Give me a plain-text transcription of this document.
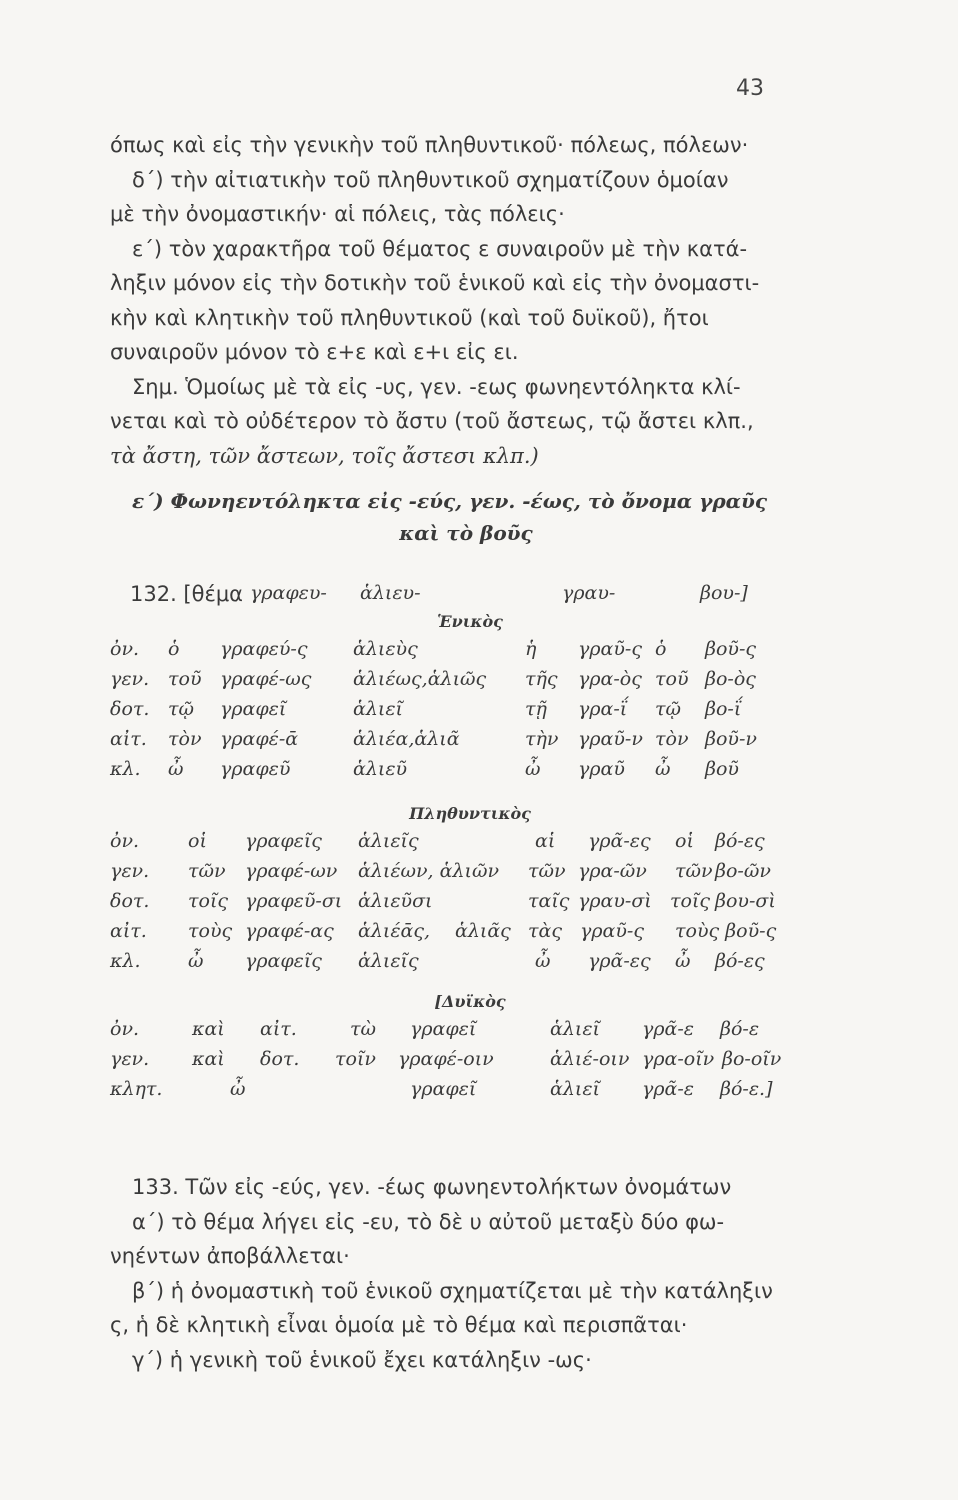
43
όπως καὶ εἰς τὴν γενικὴν τοῦ πληθυντικοῦ· πόλεως, πόλεων·
δ΄) τὴν αἰτιατικὴν τοῦ πληθυντικοῦ σχηματίζουν ὁμοίαν
μὲ τὴν ὀνομαστικήν· αἱ πόλεις, τὰς πόλεις·
ε΄) τὸν χαρακτῆρα τοῦ θέματος ε συναιροῦν μὲ τὴν κατά-
ληξιν μόνον εἰς τὴν δοτικὴν τοῦ ἑνικοῦ καὶ εἰς τὴν ὀνομαστι-
κὴν καὶ κλητικὴν τοῦ πληθυντικοῦ (καὶ τοῦ δυϊκοῦ), ἤτοι
συναιροῦν μόνον τὸ ε+ε καὶ ε+ι εἰς ει.
Σημ. Ὁμοίως μὲ τὰ εἰς -υς, γεν. -εως φωνηεντόληκτα κλί-
νεται καὶ τὸ οὐδέτερον τὸ ἄστυ (τοῦ ἄστεως, τῷ ἄστει κλπ.,
τὰ ἄστη, τῶν ἄστεων, τοῖς ἄστεσι κλπ.)
ε΄) Φωνηεντόληκτα εἰς -εύς, γεν. -έως, τὸ ὄνομα γραῦς
καὶ τὸ βοῦς
132. [θέμα γραφευ- ἁλιευ-	γραυ-	βου-]
Ἑνικὸς
ὀν. ὁ γραφεύ-ς ἁλιεὺς	ἡ γραῦ-ς ὁ βοῦ-ς
γεν. τοῦ γραφέ-ως ἁλιέως,ἁλιῶς τῆς γρα-ὸς τοῦ βο-ὸς
δοτ. τῷ γραφεῖ	ἁλιεῖ	τῇ γρα-ΐ τῷ βο-ΐ
αἰτ. τὸν γραφέ-ᾱ	ἁλιέα,ἁλιᾶ	τὴν γραῦ-ν τὸν βοῦ-ν
κλ. ὦ γραφεῦ	ἁλιεῦ	ὦ γραῦ ὦ βοῦ
Πληθυντικὸς
ὀν.	οἱ γραφεῖς ἁλιεῖς	αἱ γρᾶ-ες οἱ βό-ες
γεν. τῶν γραφέ-ων ἁλιέων, ἁλιῶν τῶν γρα-ῶν τῶν βο-ῶν
δοτ. τοῖς γραφεῦ-σι ἁλιεῦσι	ταῖς γραυ-σὶ τοῖς βου-σὶ
αἰτ. τοὺς γραφέ-ας ἁλιέᾱς, ἁλιᾶς τὰς γραῦ-ς τοὺς βοῦ-ς
κλ. ὦ γραφεῖς ἁλιεῖς	ὦ γρᾶ-ες ὦ βό-ες
[Δυϊκὸς
ὀν.	καὶ αἰτ.	τὼ γραφεῖ	ἁλιεῖ γρᾶ-ε βό-ε
γεν. καὶ δοτ. τοῖν γραφέ-οιν	ἁλιέ-οιν γρα-οῖν βο-οῖν
κλητ.	ὦ	γραφεῖ	ἁλιεῖ γρᾶ-ε βό-ε.]
133. Τῶν εἰς -εύς, γεν. -έως φωνηεντολήκτων ὀνομάτων
α΄) τὸ θέμα λήγει εἰς -ευ, τὸ δὲ υ αὐτοῦ μεταξὺ δύο φω-
νηέντων ἀποβάλλεται·
β΄) ἡ ὀνομαστικὴ τοῦ ἑνικοῦ σχηματίζεται μὲ τὴν κατάληξιν
ς, ἡ δὲ κλητικὴ εἶναι ὁμοία μὲ τὸ θέμα καὶ περισπᾶται·
γ΄) ἡ γενικὴ τοῦ ἑνικοῦ ἔχει κατάληξιν -ως·
